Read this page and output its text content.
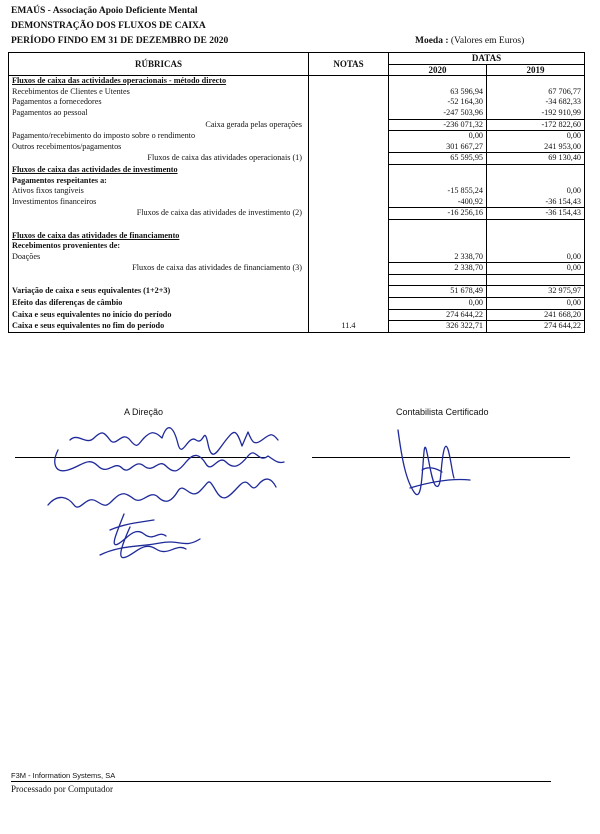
EMAÚS - Associação Apoio Deficiente Mental
DEMONSTRAÇÃO DOS FLUXOS DE CAIXA
PERÍODO FINDO EM 31 DE DEZEMBRO DE 2020	Moeda : (Valores em Euros)
RÚBRICAS	NOTAS	DATAS	
		2020	2019

Fluxos de caixa das actividades operacionais - método directo			
Recebimentos de Clientes e Utentes		63 596,94	67 706,77
Pagamentos a fornecedores		-52 164,30	-34 682,33
Pagamentos ao pessoal		-247 503,96	-192 910,99
Caixa gerada pelas operações		-236 071,32	-172 822,60
Pagamento/recebimento do imposto sobre o rendimento		0,00	0,00
Outros recebimentos/pagamentos		301 667,27	241 953,00
Fluxos de caixa das atividades operacionais (1)		65 595,95	69 130,40
Fluxos de caixa das actividades de investimento			
Pagamentos respeitantes a:			
Ativos fixos tangíveis		-15 855,24	0,00
Investimentos financeiros		-400,92	-36 154,43
Fluxos de caixa das atividades de investimento (2)		-16 256,16	-36 154,43

Fluxos de caixa das atividades de financiamento			
Recebimentos provenientes de:			
Doações		2 338,70	0,00
Fluxos de caixa das atividades de financiamento (3)		2 338,70	0,00

Variação de caixa e seus equivalentes (1+2+3)		51 678,49	32 975,97
Efeito das diferenças de câmbio		0,00	0,00
Caixa e seus equivalentes no início do período		274 644,22	241 668,20
Caixa e seus equivalentes no fim do período	11.4	326 322,71	274 644,22
A Direção	Contabilista Certificado
F3M - Information Systems, SA
Processado por Computador
